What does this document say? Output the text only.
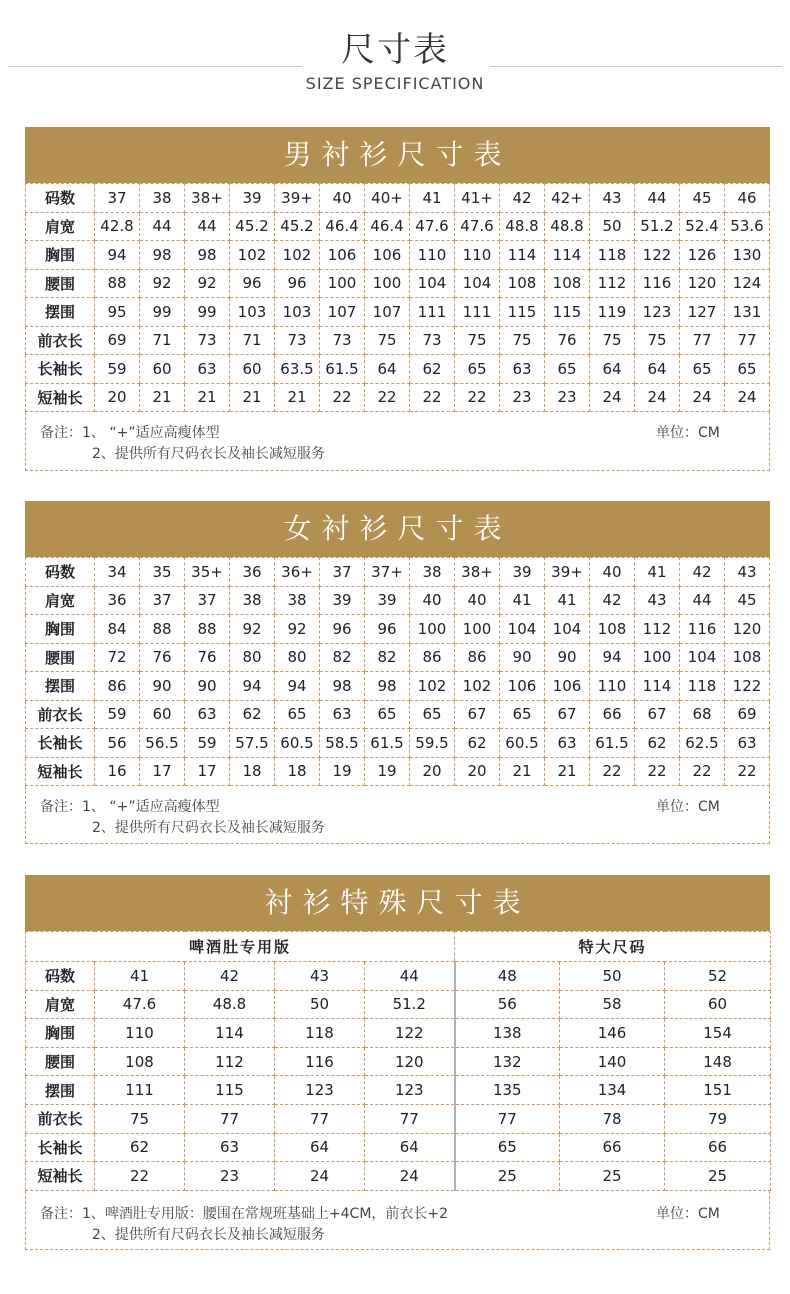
尺寸表
SIZE SPECIFICATION
男衬衫尺寸表
码数	37	38	38+	39	39+	40	40+	41	41+	42	42+	43	44	45	46
肩宽	42.8	44	44	45.2	45.2	46.4	46.4	47.6	47.6	48.8	48.8	50	51.2	52.4	53.6
胸围	94	98	98	102	102	106	106	110	110	114	114	118	122	126	130
腰围	88	92	92	96	96	100	100	104	104	108	108	112	116	120	124
摆围	95	99	99	103	103	107	107	111	111	115	115	119	123	127	131
前衣长	69	71	73	71	73	73	75	73	75	75	76	75	75	77	77
长袖长	59	60	63	60	63.5	61.5	64	62	65	63	65	64	64	65	65
短袖长	20	21	21	21	21	22	22	22	22	23	23	24	24	24	24
备注：1、 “+”适应高瘦体型	单位：CM
2、提供所有尺码衣长及袖长减短服务
女衬衫尺寸表
码数	34	35	35+	36	36+	37	37+	38	38+	39	39+	40	41	42	43
肩宽	36	37	37	38	38	39	39	40	40	41	41	42	43	44	45
胸围	84	88	88	92	92	96	96	100	100	104	104	108	112	116	120
腰围	72	76	76	80	80	82	82	86	86	90	90	94	100	104	108
摆围	86	90	90	94	94	98	98	102	102	106	106	110	114	118	122
前衣长	59	60	63	62	65	63	65	65	67	65	67	66	67	68	69
长袖长	56	56.5	59	57.5	60.5	58.5	61.5	59.5	62	60.5	63	61.5	62	62.5	63
短袖长	16	17	17	18	18	19	19	20	20	21	21	22	22	22	22
备注：1、 “+”适应高瘦体型	单位：CM
2、提供所有尺码衣长及袖长减短服务
衬衫特殊尺寸表
啤酒肚专用版					特大尺码		
码数	41	42	43	44	48	50	52
肩宽	47.6	48.8	50	51.2	56	58	60
胸围	110	114	118	122	138	146	154
腰围	108	112	116	120	132	140	148
摆围	111	115	123	123	135	134	151
前衣长	75	77	77	77	77	78	79
长袖长	62	63	64	64	65	66	66
短袖长	22	23	24	24	25	25	25
备注：1、啤酒肚专用版：腰围在常规班基础上+4CM，前衣长+2	单位：CM
2、提供所有尺码衣长及袖长减短服务
